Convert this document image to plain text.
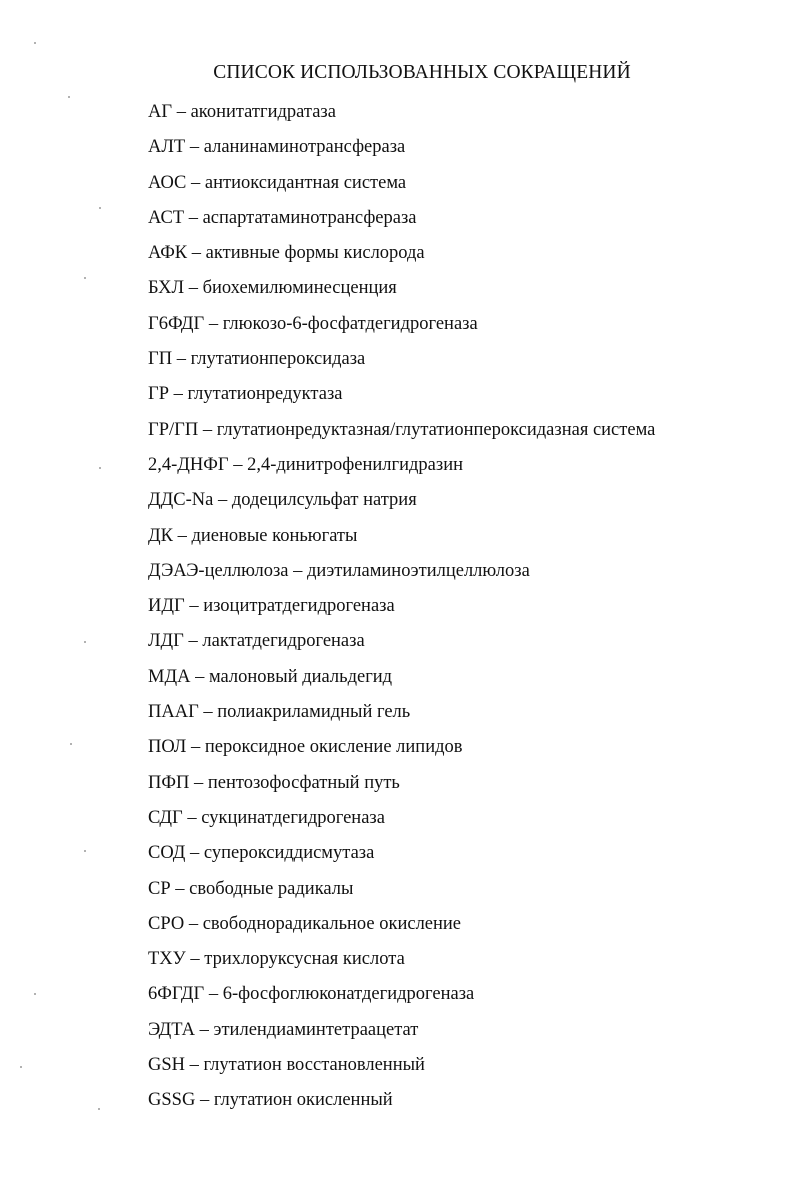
СПИСОК ИСПОЛЬЗОВАННЫХ СОКРАЩЕНИЙ
АГ – аконитатгидратаза
АЛТ – аланинаминотрансфераза
АОС – антиоксидантная система
АСТ – аспартатаминотрансфераза
АФК – активные формы кислорода
БХЛ – биохемилюминесценция
Г6ФДГ – глюкозо-6-фосфатдегидрогеназа
ГП – глутатионпероксидаза
ГР – глутатионредуктаза
ГР/ГП – глутатионредуктазная/глутатионпероксидазная система
2,4-ДНФГ – 2,4-динитрофенилгидразин
ДДС-Na – додецилсульфат натрия
ДК – диеновые коньюгаты
ДЭАЭ-целлюлоза – диэтиламиноэтилцеллюлоза
ИДГ – изоцитратдегидрогеназа
ЛДГ – лактатдегидрогеназа
МДА – малоновый диальдегид
ПААГ – полиакриламидный гель
ПОЛ – пероксидное окисление липидов
ПФП – пентозофосфатный путь
СДГ – сукцинатдегидрогеназа
СОД – супероксиддисмутаза
СР – свободные радикалы
СРО – свободнорадикальное окисление
ТХУ – трихлоруксусная кислота
6ФГДГ – 6-фосфоглюконатдегидрогеназа
ЭДТА – этилендиаминтетраацетат
GSH – глутатион восстановленный
GSSG – глутатион окисленный
